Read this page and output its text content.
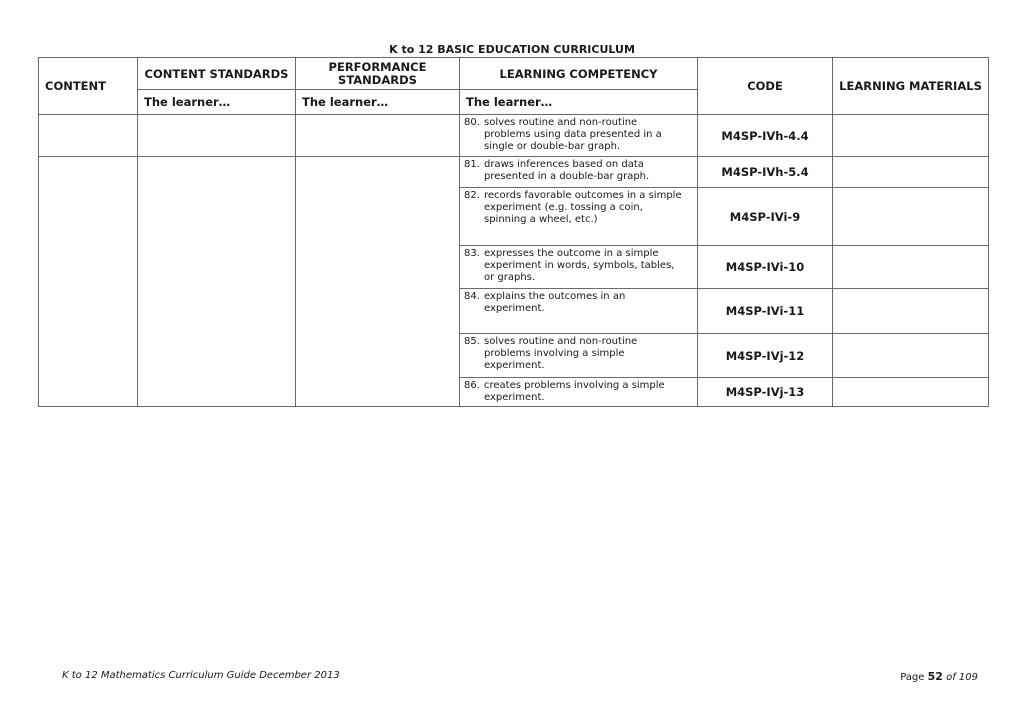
K to 12 BASIC EDUCATION CURRICULUM
CONTENT	CONTENT STANDARDS	PERFORMANCE
STANDARDS	LEARNING COMPETENCY	CODE	LEARNING MATERIALS
	The learner…	The learner…	The learner…		

			80. solves routine and non-routine
problems using data presented in a
single or double-bar graph.	M4SP-IVh-4.4	

			81. draws inferences based on data
presented in a double-bar graph.	M4SP-IVh-5.4	

			82. records favorable outcomes in a simple
experiment (e.g. tossing a coin,
spinning a wheel, etc.)	M4SP-IVi-9	

			83. expresses the outcome in a simple
experiment in words, symbols, tables,
or graphs.	M4SP-IVi-10	

			84. explains the outcomes in an
experiment.	M4SP-IVi-11	

			85. solves routine and non-routine
problems involving a simple
experiment.	M4SP-IVj-12	

			86. creates problems involving a simple
experiment.	M4SP-IVj-13	
K to 12 Mathematics Curriculum Guide December 2013	Page 52 of 109
